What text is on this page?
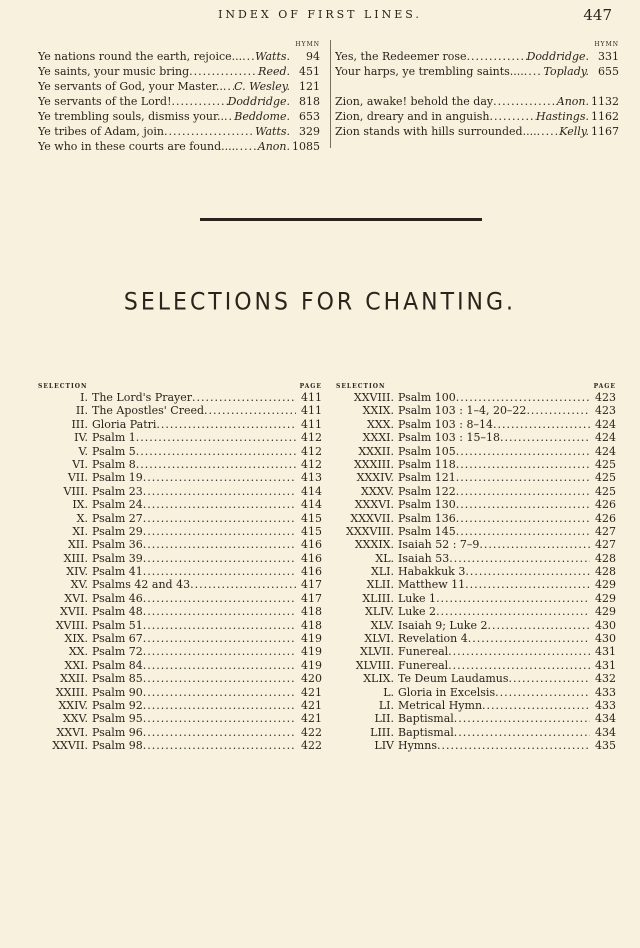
INDEX OF FIRST LINES.	447
HYMN
Ye nations round the earth, rejoice... ..... Watts.	94
Ye saints, your music bring .....	Reed. 451
Ye servants of God, your Master.. ..... C. Wesley. 121
Ye servants of the Lord! .....	Doddridge. 818
Ye trembling souls, dismiss your.. ..... Beddome. 653
Ye tribes of Adam, join .....	Watts. 329
Ye who in these courts are found.... ..... Anon. 1085
HYMN
Yes, the Redeemer rose .....	Doddridge. 331
Your harps, ye trembling saints.... ..... Toplady. 655
Zion, awake! behold the day .....	Anon. 1132
Zion, dreary and in anguish .....	Hastings. 1162
Zion stands with hills surrounded.... ..... Kelly. 1167
SELECTIONS FOR CHANTING.
SELECTION	PAGE
I. The Lord's Prayer .....	411
II. The Apostles' Creed .....	411
III. Gloria Patri .....	411
IV. Psalm 1 .....	412
V. Psalm 5 .....	412
VI. Psalm 8 .....	412
VII. Psalm 19 .....	413
VIII. Psalm 23 .....	414
IX. Psalm 24 .....	414
X. Psalm 27 .....	415
XI. Psalm 29 .....	415
XII. Psalm 36 .....	416
XIII. Psalm 39 .....	416
XIV. Psalm 41 .....	416
XV. Psalms 42 and 43 .....	417
XVI. Psalm 46 .....	417
XVII. Psalm 48 .....	418
XVIII. Psalm 51 .....	418
XIX. Psalm 67 .....	419
XX. Psalm 72 .....	419
XXI. Psalm 84 .....	419
XXII. Psalm 85 .....	420
XXIII. Psalm 90 .....	421
XXIV. Psalm 92 .....	421
XXV. Psalm 95 .....	421
XXVI. Psalm 96 .....	422
XXVII. Psalm 98 .....	422
SELECTION	PAGE
XXVIII. Psalm 100 .....	423
XXIX. Psalm 103 : 1–4, 20–22 .....	423
XXX. Psalm 103 : 8–14 .....	424
XXXI. Psalm 103 : 15–18 .....	424
XXXII. Psalm 105 .....	424
XXXIII. Psalm 118 .....	425
XXXIV. Psalm 121 .....	425
XXXV. Psalm 122 .....	425
XXXVI. Psalm 130 .....	426
XXXVII. Psalm 136 .....	426
XXXVIII. Psalm 145 .....	427
XXXIX. Isaiah 52 : 7–9 .....	427
XL. Isaiah 53 .....	428
XLI. Habakkuk 3 .....	428
XLII. Matthew 11 .....	429
XLIII. Luke 1 .....	429
XLIV. Luke 2 .....	429
XLV. Isaiah 9; Luke 2 .....	430
XLVI. Revelation 4 .....	430
XLVII. Funereal .....	431
XLVIII. Funereal .....	431
XLIX. Te Deum Laudamus .....	432
L. Gloria in Excelsis .....	433
LI. Metrical Hymn .....	433
LII. Baptismal .....	434
LIII. Baptismal .....	434
LIV Hymns .....	435
